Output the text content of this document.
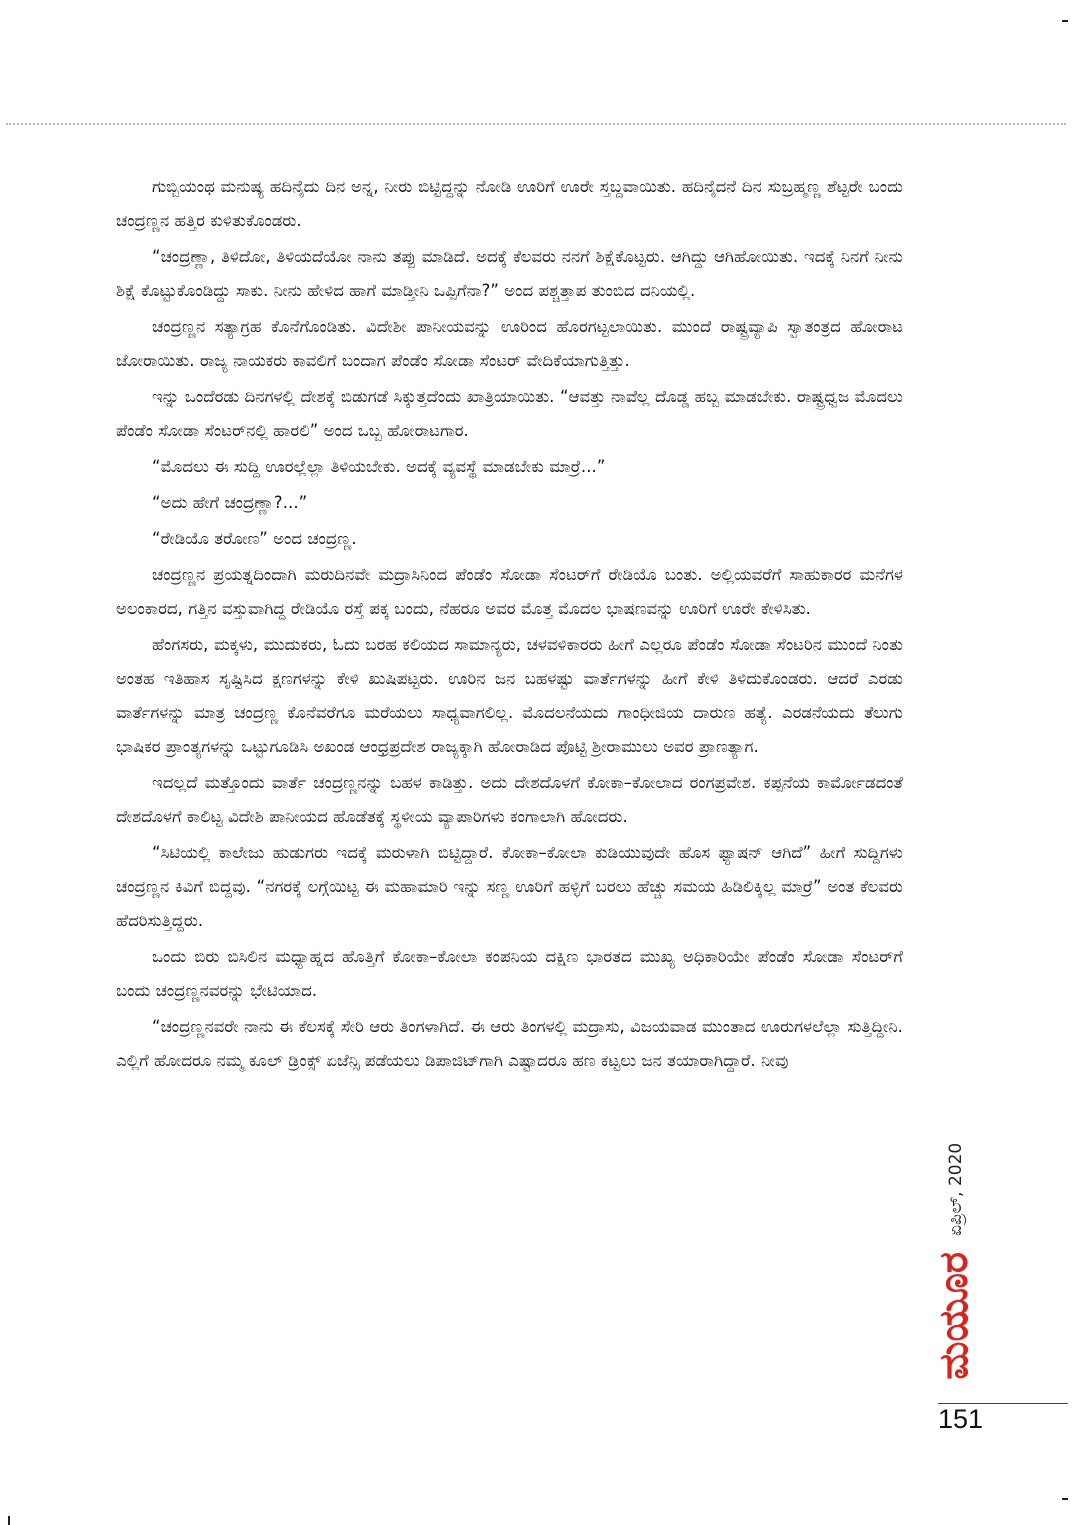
ಗುಬ್ಬಿಯಂಥ ಮನುಷ್ಯ ಹದಿನೈದು ದಿನ ಅನ್ನ, ನೀರು ಬಿಟ್ಟಿದ್ದನ್ನು ನೋಡಿ ಊರಿಗೆ ಊರೇ ಸ್ತಬ್ದವಾಯಿತು. ಹದಿನೈದನೆ ದಿನ ಸುಬ್ರಹ್ಮಣ್ಣ ಶೆಟ್ಟರೇ ಬಂದು ಚಂದ್ರಣ್ಣನ ಹತ್ತಿರ ಕುಳಿತುಕೊಂಡರು.

“ಚಂದ್ರಣ್ಣಾ, ತಿಳಿದೋ, ತಿಳಿಯದೆಯೋ ನಾನು ತಪ್ಪು ಮಾಡಿದೆ. ಅದಕ್ಕೆ ಕೆಲವರು ನನಗೆ ಶಿಕ್ಷೆಕೊಟ್ಟರು. ಆಗಿದ್ದು ಆಗಿಹೋಯಿತು. ಇದಕ್ಕೆ ನಿನಗೆ ನೀನು ಶಿಕ್ಷೆ ಕೊಟ್ಟುಕೊಂಡಿದ್ದು ಸಾಕು. ನೀನು ಹೇಳಿದ ಹಾಗೆ ಮಾಡ್ತೀನಿ ಒಪ್ಪಿಗೆನಾ?” ಅಂದ ಪಶ್ಚತ್ತಾಪ ತುಂಬಿದ ದನಿಯಲ್ಲಿ.

ಚಂದ್ರಣ್ಣನ ಸತ್ಯಾಗ್ರಹ ಕೊನೆಗೊಂಡಿತು. ವಿದೇಶೀ ಪಾನೀಯವನ್ನು ಊರಿಂದ ಹೊರಗಟ್ಟಲಾಯಿತು. ಮುಂದೆ ರಾಷ್ಟ್ರವ್ಯಾಪಿ ಸ್ವಾತಂತ್ರದ ಹೋರಾಟ ಜೋರಾಯಿತು. ರಾಜ್ಯ ನಾಯಕರು ಕಾವಲಿಗೆ ಬಂದಾಗ ಪೆಂಡೆಂ ಸೋಡಾ ಸೆಂಟರ್ ವೇದಿಕೆಯಾಗುತ್ತಿತ್ತು.

ಇನ್ನು ಒಂದೆರಡು ದಿನಗಳಲ್ಲಿ ದೇಶಕ್ಕೆ ಬಿಡುಗಡೆ ಸಿಕ್ಕುತ್ತದೆಂದು ಖಾತ್ರಿಯಾಯಿತು. “ಆವತ್ತು ನಾವೆಲ್ಲ ದೊಡ್ಡ ಹಬ್ಬ ಮಾಡಬೇಕು. ರಾಷ್ಟ್ರಧ್ವಜ ಮೊದಲು ಪೆಂಡೆಂ ಸೋಡಾ ಸೆಂಟರ್‌ನಲ್ಲಿ ಹಾರಲಿ” ಅಂದ ಒಬ್ಬ ಹೋರಾಟಗಾರ.

“ಮೊದಲು ಈ ಸುದ್ದಿ ಊರಲ್ಲೆಲ್ಲಾ ತಿಳಿಯಬೇಕು. ಅದಕ್ಕೆ ವ್ಯವಸ್ಥೆ ಮಾಡಬೇಕು ಮಾರ್‍ರೆ...”

“ಅದು ಹೇಗೆ ಚಂದ್ರಣ್ಣಾ?...”

“ರೇಡಿಯೊ ತರೋಣ” ಅಂದ ಚಂದ್ರಣ್ಣ.

ಚಂದ್ರಣ್ಣನ ಪ್ರಯತ್ನದಿಂದಾಗಿ ಮರುದಿನವೇ ಮದ್ರಾಸಿನಿಂದ ಪೆಂಡೆಂ ಸೋಡಾ ಸೆಂಟರ್‌ಗೆ ರೇಡಿಯೊ ಬಂತು. ಅಲ್ಲಿಯವರೆಗೆ ಸಾಹುಕಾರರ ಮನೆಗಳ ಅಲಂಕಾರದ, ಗತ್ತಿನ ವಸ್ತುವಾಗಿದ್ದ ರೇಡಿಯೊ ರಸ್ತೆ ಪಕ್ಕ ಬಂದು, ನೆಹರೂ ಅವರ ಮೊತ್ತ ಮೊದಲ ಭಾಷಣವನ್ನು ಊರಿಗೆ ಊರೇ ಕೇಳಿಸಿತು.

ಹೆಂಗಸರು, ಮಕ್ಕಳು, ಮುದುಕರು, ಓದು ಬರಹ ಕಲಿಯದ ಸಾಮಾನ್ಯರು, ಚಳವಳಿಕಾರರು ಹೀಗೆ ಎಲ್ಲರೂ ಪೆಂಡೆಂ ಸೋಡಾ ಸೆಂಟರಿನ ಮುಂದೆ ನಿಂತು ಅಂತಹ ಇತಿಹಾಸ ಸೃಷ್ಟಿಸಿದ ಕ್ಷಣಗಳನ್ನು ಕೇಳಿ ಖುಷಿಪಟ್ಟರು. ಊರಿನ ಜನ ಬಹಳಷ್ಟು ವಾರ್ತೆಗಳನ್ನು ಹೀಗೆ ಕೇಳಿ ತಿಳಿದುಕೊಂಡರು. ಆದರೆ ಎರಡು ವಾರ್ತೆಗಳನ್ನು ಮಾತ್ರ ಚಂದ್ರಣ್ಣ ಕೊನೆವರೆಗೂ ಮರೆಯಲು ಸಾಧ್ಯವಾಗಲಿಲ್ಲ. ಮೊದಲನೆಯದು ಗಾಂಧೀಜಿಯ ದಾರುಣ ಹತ್ಯೆ. ಎರಡನೆಯದು ತೆಲುಗು ಭಾಷಿಕರ ಪ್ರಾಂತ್ಯಗಳನ್ನು ಒಟ್ಟುಗೂಡಿಸಿ ಅಖಂಡ ಆಂಧ್ರಪ್ರದೇಶ ರಾಜ್ಯಕ್ಕಾಗಿ ಹೋರಾಡಿದ ಪೊಟ್ಟಿ ಶ್ರೀರಾಮುಲು ಅವರ ಪ್ರಾಣತ್ಯಾಗ.

ಇದಲ್ಲದೆ ಮತ್ತೊಂದು ವಾರ್ತೆ ಚಂದ್ರಣ್ಣನನ್ನು ಬಹಳ ಕಾಡಿತ್ತು. ಅದು ದೇಶದೊಳಗೆ ಕೋಕಾ–ಕೋಲಾದ ರಂಗಪ್ರವೇಶ. ಕಪ್ಪನೆಯ ಕಾರ್ಮೋಡದಂತೆ ದೇಶದೊಳಗೆ ಕಾಲಿಟ್ಟ ವಿದೇಶಿ ಪಾನೀಯದ ಹೊಡೆತಕ್ಕೆ ಸ್ಥಳೀಯ ವ್ಯಾಪಾರಿಗಳು ಕಂಗಾಲಾಗಿ ಹೋದರು.

“ಸಿಟಿಯಲ್ಲಿ ಕಾಲೇಜು ಹುಡುಗರು ಇದಕ್ಕೆ ಮರುಳಾಗಿ ಬಿಟ್ಟಿದ್ದಾರೆ. ಕೋಕಾ–ಕೋಲಾ ಕುಡಿಯುವುದೇ ಹೊಸ ಫ್ಯಾಷನ್ ಆಗಿದೆ” ಹೀಗೆ ಸುದ್ದಿಗಳು ಚಂದ್ರಣ್ಣನ ಕಿವಿಗೆ ಬಿದ್ದವು. “ನಗರಕ್ಕೆ ಲಗ್ಗೆಯಿಟ್ಟ ಈ ಮಹಾಮಾರಿ ಇನ್ನು ಸಣ್ಣ ಊರಿಗೆ ಹಳ್ಳಿಗೆ ಬರಲು ಹೆಚ್ಚು ಸಮಯ ಹಿಡಿಲಿಕ್ಕಿಲ್ಲ ಮಾರ್‍ರೆ” ಅಂತ ಕೆಲವರು ಹೆದರಿಸುತ್ತಿದ್ದರು.

ಒಂದು ಬಿರು ಬಿಸಿಲಿನ ಮಧ್ಯಾಹ್ನದ ಹೊತ್ತಿಗೆ ಕೋಕಾ–ಕೋಲಾ ಕಂಪನಿಯ ದಕ್ಷಿಣ ಭಾರತದ ಮುಖ್ಯ ಅಧಿಕಾರಿಯೇ ಪೆಂಡೆಂ ಸೋಡಾ ಸೆಂಟರ್‌ಗೆ ಬಂದು ಚಂದ್ರಣ್ಣನವರನ್ನು ಭೇಟಿಯಾದ.

“ಚಂದ್ರಣ್ಣನವರೇ ನಾನು ಈ ಕೆಲಸಕ್ಕೆ ಸೇರಿ ಆರು ತಿಂಗಳಾಗಿದೆ. ಈ ಆರು ತಿಂಗಳಲ್ಲಿ ಮದ್ರಾಸು, ವಿಜಯವಾಡ ಮುಂತಾದ ಊರುಗಳಲೆಲ್ಲಾ ಸುತ್ತಿದ್ದೀನಿ. ಎಲ್ಲಿಗೆ ಹೋದರೂ ನಮ್ಮ ಕೂಲ್ ಡ್ರಿಂಕ್ಸ್ ಏಜೆನ್ಸಿ ಪಡೆಯಲು ಡಿಪಾಜಿಟ್‌ಗಾಗಿ ಎಷ್ಟಾದರೂ ಹಣ ಕಟ್ಟಲು ಜನ ತಯಾರಾಗಿದ್ದಾರೆ. ನೀವು

ಏಪ್ರಿಲ್, 2020
ಮಯೂರ
151
